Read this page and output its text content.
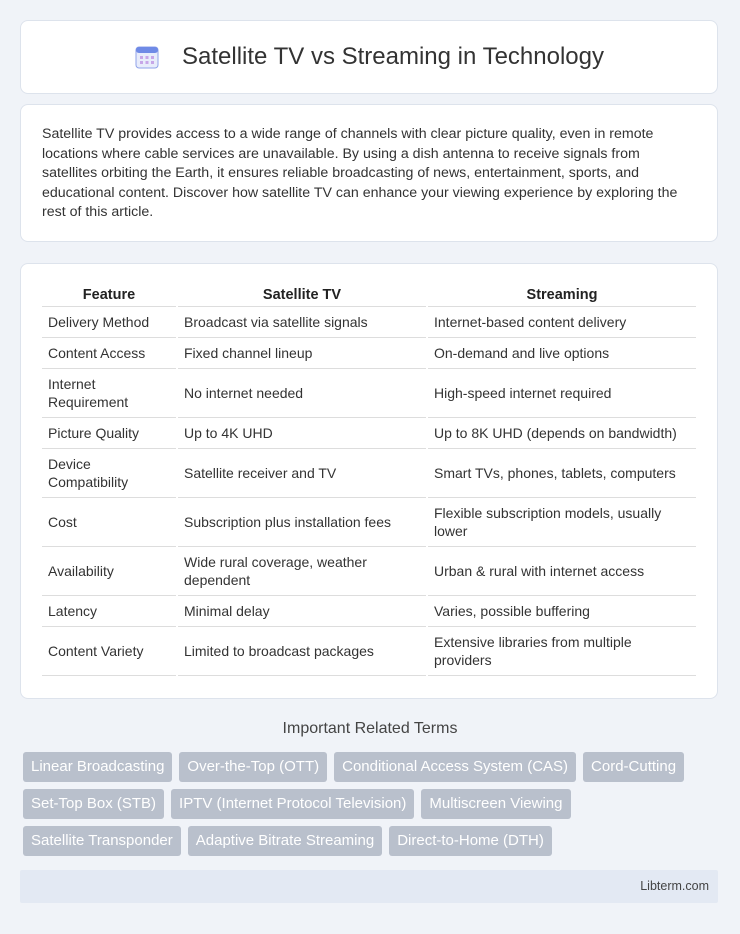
Satellite TV vs Streaming in Technology

Satellite TV provides access to a wide range of channels with clear picture quality, even in remote locations where cable services are unavailable. By using a dish antenna to receive signals from satellites orbiting the Earth, it ensures reliable broadcasting of news, entertainment, sports, and educational content. Discover how satellite TV can enhance your viewing experience by exploring the rest of this article.

Feature	Satellite TV	Streaming
Delivery Method	Broadcast via satellite signals	Internet-based content delivery
Content Access	Fixed channel lineup	On-demand and live options
Internet Requirement	No internet needed	High-speed internet required
Picture Quality	Up to 4K UHD	Up to 8K UHD (depends on bandwidth)
Device Compatibility	Satellite receiver and TV	Smart TVs, phones, tablets, computers
Cost	Subscription plus installation fees	Flexible subscription models, usually lower
Availability	Wide rural coverage, weather dependent	Urban & rural with internet access
Latency	Minimal delay	Varies, possible buffering
Content Variety	Limited to broadcast packages	Extensive libraries from multiple providers
Important Related Terms
Linear Broadcasting	Over-the-Top (OTT)	Conditional Access System (CAS)	Cord-Cutting
Set-Top Box (STB)	IPTV (Internet Protocol Television)	Multiscreen Viewing
Satellite Transponder	Adaptive Bitrate Streaming	Direct-to-Home (DTH)
Libterm.com
